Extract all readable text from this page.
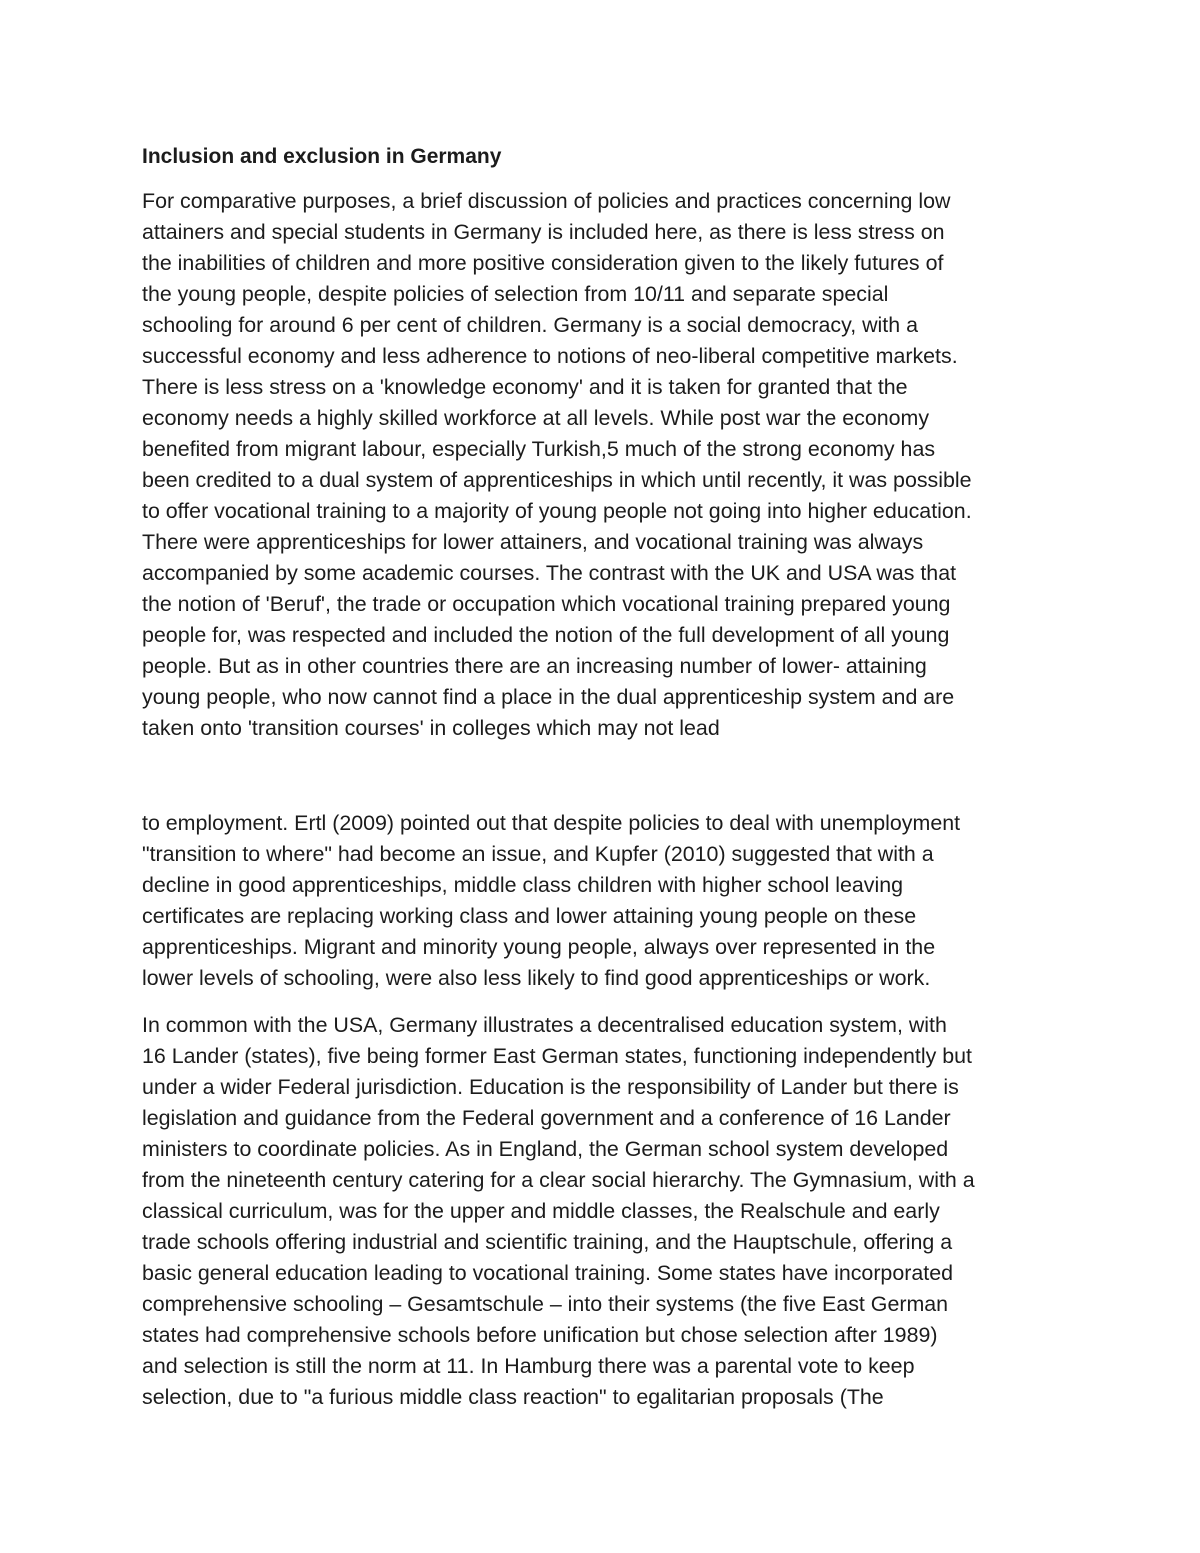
Inclusion and exclusion in Germany

For comparative purposes, a brief discussion of policies and practices concerning low
attainers and special students in Germany is included here, as there is less stress on
the inabilities of children and more positive consideration given to the likely futures of
the young people, despite policies of selection from 10/11 and separate special
schooling for around 6 per cent of children. Germany is a social democracy, with a
successful economy and less adherence to notions of neo-liberal competitive markets.
There is less stress on a 'knowledge economy' and it is taken for granted that the
economy needs a highly skilled workforce at all levels. While post war the economy
benefited from migrant labour, especially Turkish,5 much of the strong economy has
been credited to a dual system of apprenticeships in which until recently, it was possible
to offer vocational training to a majority of young people not going into higher education.
There were apprenticeships for lower attainers, and vocational training was always
accompanied by some academic courses. The contrast with the UK and USA was that
the notion of 'Beruf', the trade or occupation which vocational training prepared young
people for, was respected and included the notion of the full development of all young
people. But as in other countries there are an increasing number of lower- attaining
young people, who now cannot find a place in the dual apprenticeship system and are
taken onto 'transition courses' in colleges which may not lead

to employment. Ertl (2009) pointed out that despite policies to deal with unemployment
"transition to where" had become an issue, and Kupfer (2010) suggested that with a
decline in good apprenticeships, middle class children with higher school leaving
certificates are replacing working class and lower attaining young people on these
apprenticeships. Migrant and minority young people, always over represented in the
lower levels of schooling, were also less likely to find good apprenticeships or work.

In common with the USA, Germany illustrates a decentralised education system, with
16 Lander (states), five being former East German states, functioning independently but
under a wider Federal jurisdiction. Education is the responsibility of Lander but there is
legislation and guidance from the Federal government and a conference of 16 Lander
ministers to coordinate policies. As in England, the German school system developed
from the nineteenth century catering for a clear social hierarchy. The Gymnasium, with a
classical curriculum, was for the upper and middle classes, the Realschule and early
trade schools offering industrial and scientific training, and the Hauptschule, offering a
basic general education leading to vocational training. Some states have incorporated
comprehensive schooling – Gesamtschule – into their systems (the five East German
states had comprehensive schools before unification but chose selection after 1989)
and selection is still the norm at 11. In Hamburg there was a parental vote to keep
selection, due to "a furious middle class reaction" to egalitarian proposals (The
